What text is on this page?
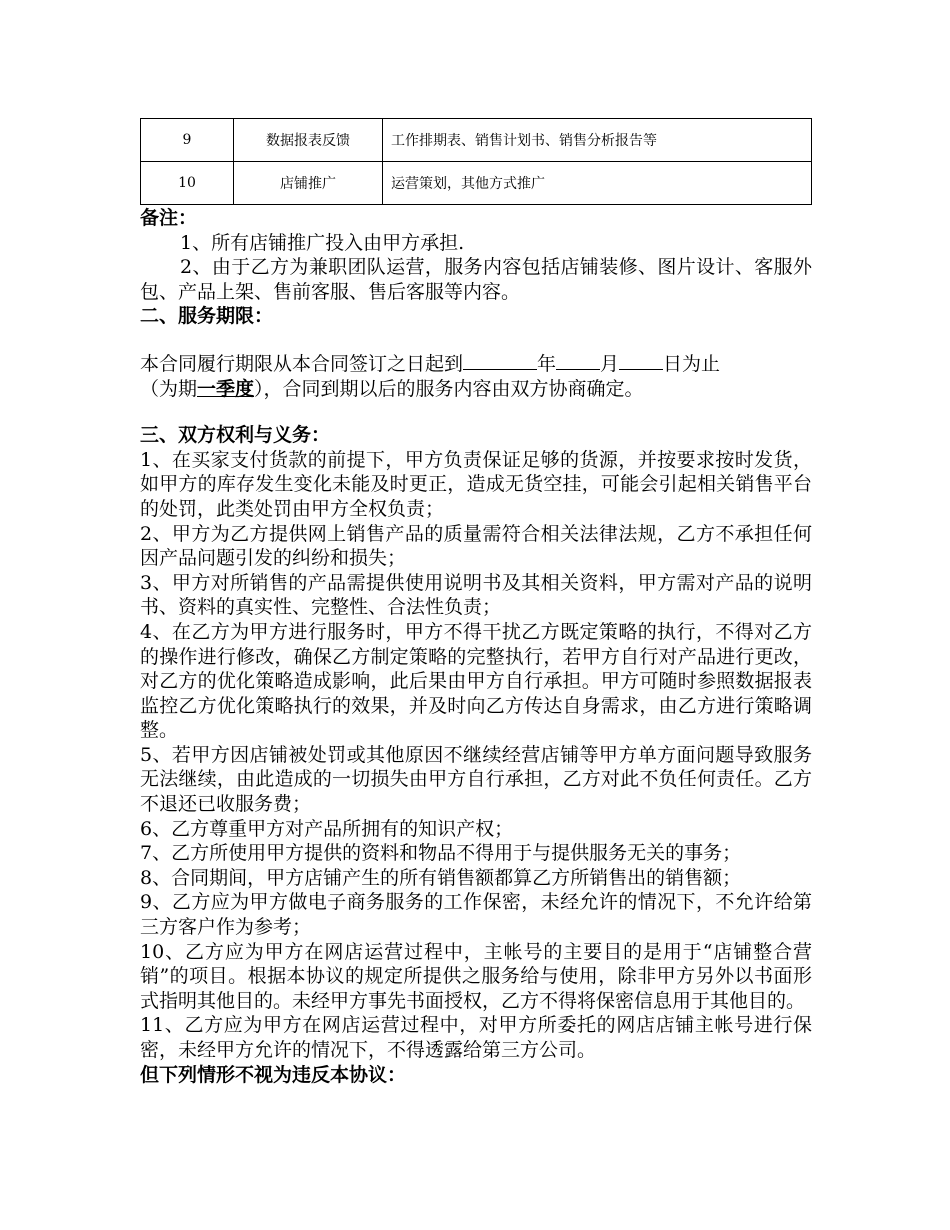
9	数据报表反馈	工作排期表、销售计划书、销售分析报告等
10	店铺推广	运营策划，其他方式推广

备注：

1、所有店铺推广投入由甲方承担.

2、由于乙方为兼职团队运营，服务内容包括店铺装修、图片设计、客服外包、产品上架、售前客服、售后客服等内容。

二、服务期限：

本合同履行期限从本合同签订之日起到	年 月 日为止

（为期一季度），合同到期以后的服务内容由双方协商确定。

三、双方权利与义务：

1、在买家支付货款的前提下，甲方负责保证足够的货源，并按要求按时发货，如甲方的库存发生变化未能及时更正，造成无货空挂，可能会引起相关销售平台的处罚，此类处罚由甲方全权负责；

2、甲方为乙方提供网上销售产品的质量需符合相关法律法规，乙方不承担任何因产品问题引发的纠纷和损失；

3、甲方对所销售的产品需提供使用说明书及其相关资料，甲方需对产品的说明书、资料的真实性、完整性、合法性负责；

4、在乙方为甲方进行服务时，甲方不得干扰乙方既定策略的执行，不得对乙方的操作进行修改，确保乙方制定策略的完整执行，若甲方自行对产品进行更改，对乙方的优化策略造成影响，此后果由甲方自行承担。甲方可随时参照数据报表监控乙方优化策略执行的效果，并及时向乙方传达自身需求，由乙方进行策略调整。

5、若甲方因店铺被处罚或其他原因不继续经营店铺等甲方单方面问题导致服务无法继续，由此造成的一切损失由甲方自行承担，乙方对此不负任何责任。乙方不退还已收服务费；

6、乙方尊重甲方对产品所拥有的知识产权；

7、乙方所使用甲方提供的资料和物品不得用于与提供服务无关的事务；

8、合同期间，甲方店铺产生的所有销售额都算乙方所销售出的销售额；

9、乙方应为甲方做电子商务服务的工作保密，未经允许的情况下，不允许给第三方客户作为参考；

10、乙方应为甲方在网店运营过程中，主帐号的主要目的是用于“店铺整合营销”的项目。根据本协议的规定所提供之服务给与使用，除非甲方另外以书面形式指明其他目的。未经甲方事先书面授权，乙方不得将保密信息用于其他目的。

11、乙方应为甲方在网店运营过程中，对甲方所委托的网店店铺主帐号进行保密，未经甲方允许的情况下，不得透露给第三方公司。

但下列情形不视为违反本协议：
